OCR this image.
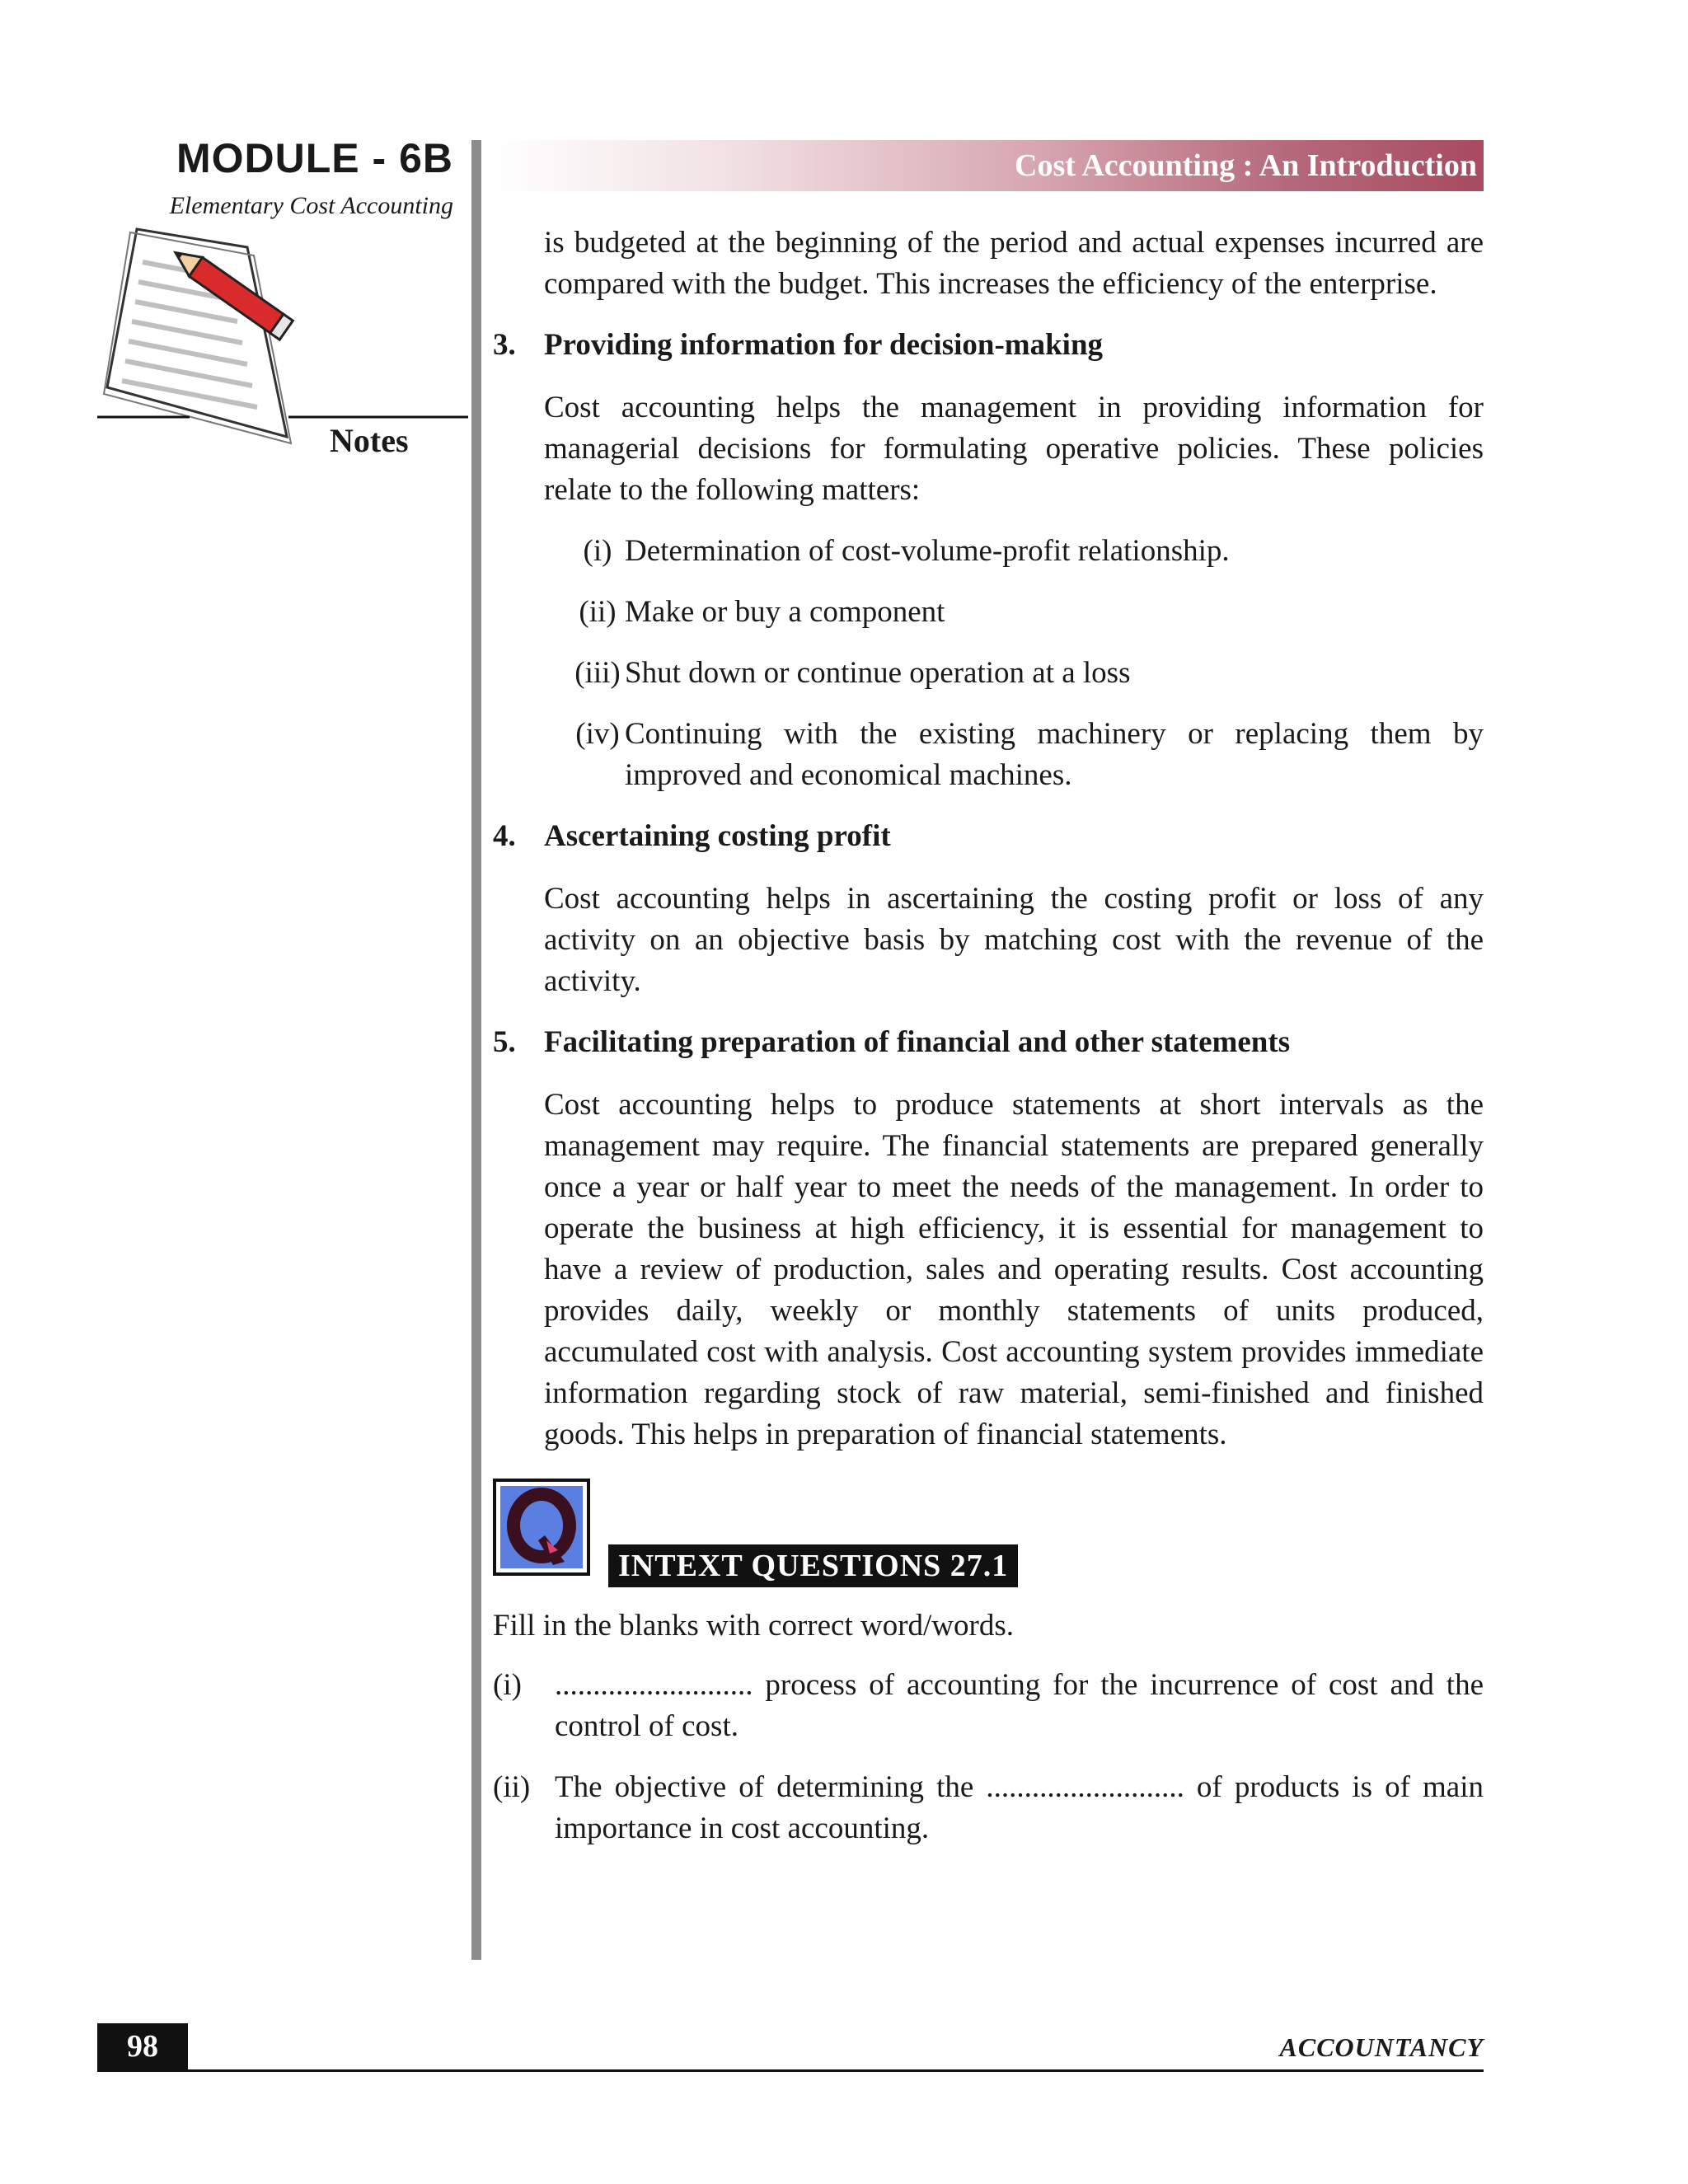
MODULE - 6B
Elementary Cost Accounting
Notes
Cost Accounting : An Introduction

is budgeted at the beginning of the period and actual expenses incurred are compared with the budget. This increases the efficiency of the enterprise.

3. Providing information for decision-making

Cost accounting helps the management in providing information for managerial decisions for formulating operative policies. These policies relate to the following matters:

(i) Determination of cost-volume-profit relationship.
(ii) Make or buy a component
(iii) Shut down or continue operation at a loss
(iv) Continuing with the existing machinery or replacing them by improved and economical machines.
4. Ascertaining costing profit

Cost accounting helps in ascertaining the costing profit or loss of any activity on an objective basis by matching cost with the revenue of the activity.

5. Facilitating preparation of financial and other statements

Cost accounting helps to produce statements at short intervals as the management may require. The financial statements are prepared generally once a year or half year to meet the needs of the management. In order to operate the business at high efficiency, it is essential for management to have a review of production, sales and operating results. Cost accounting provides daily, weekly or monthly statements of units produced, accumulated cost with analysis. Cost accounting system provides immediate information regarding stock of raw material, semi-finished and finished goods. This helps in preparation of financial statements.

INTEXT QUESTIONS 27.1

Fill in the blanks with correct word/words.

(i)	.......................... process of accounting for the incurrence of cost and the control of cost.
(ii) The objective of determining the .......................... of products is of main importance in cost accounting.
98	ACCOUNTANCY
